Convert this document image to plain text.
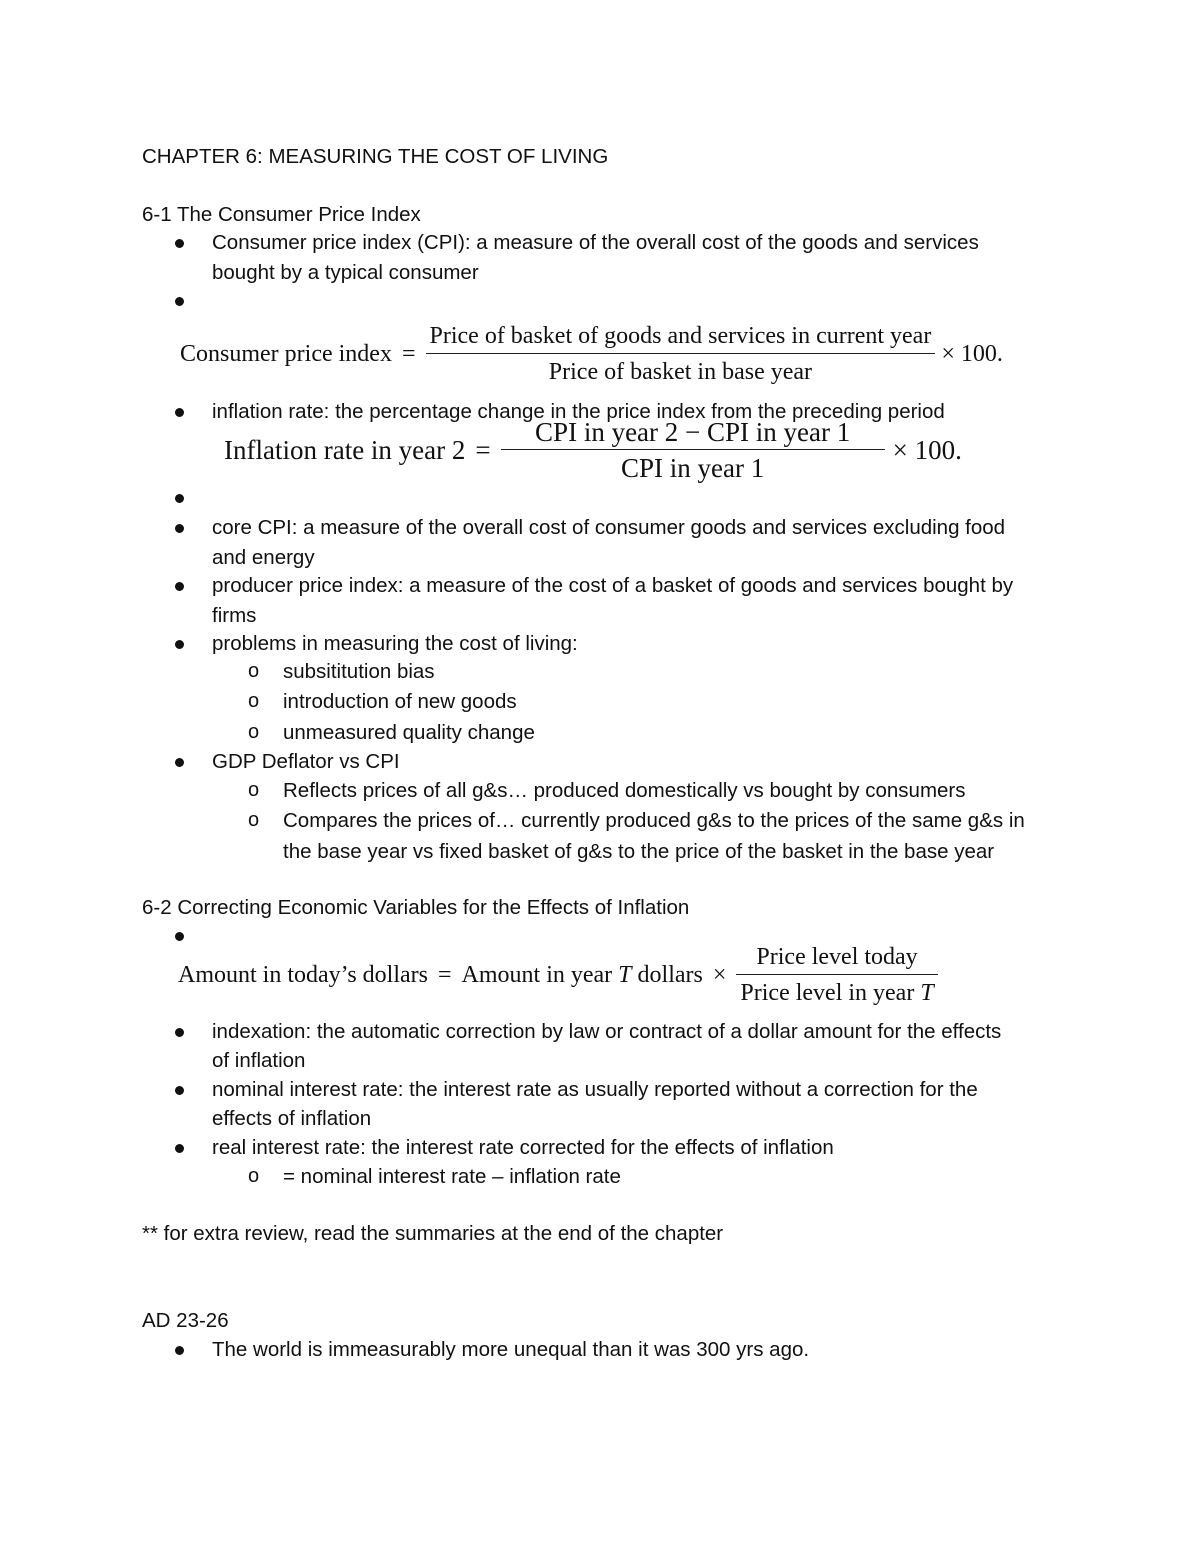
CHAPTER 6: MEASURING THE COST OF LIVING
6-1 The Consumer Price Index
Consumer price index (CPI): a measure of the overall cost of the goods and services
bought by a typical consumer
Consumer price index = $\frac{\text{Price of basket of goods and services in current year}}{\text{Price of basket in base year}} \times 100$.
inflation rate: the percentage change in the price index from the preceding period
Inflation rate in year $2 = \frac{\text{CPI in year 2 − CPI in year 1}}{\text{CPI in year 1}} \times 100$.
core CPI: a measure of the overall cost of consumer goods and services excluding food
and energy
producer price index: a measure of the cost of a basket of goods and services bought by
firms
problems in measuring the cost of living:
o subsititution bias
o introduction of new goods
o unmeasured quality change
GDP Deflator vs CPI
o Reflects prices of all g&s… produced domestically vs bought by consumers
o Compares the prices of… currently produced g&s to the prices of the same g&s in
the base year vs fixed basket of g&s to the price of the basket in the base year
6-2 Correcting Economic Variables for the Effects of Inflation
Amount in today’s dollars = Amount in year T dollars × $\frac{\text{Price level today}}{\text{Price level in year T}}$
indexation: the automatic correction by law or contract of a dollar amount for the effects
of inflation
nominal interest rate: the interest rate as usually reported without a correction for the
effects of inflation
real interest rate: the interest rate corrected for the effects of inflation
o = nominal interest rate – inflation rate
** for extra review, read the summaries at the end of the chapter
AD 23-26
The world is immeasurably more unequal than it was 300 yrs ago.
